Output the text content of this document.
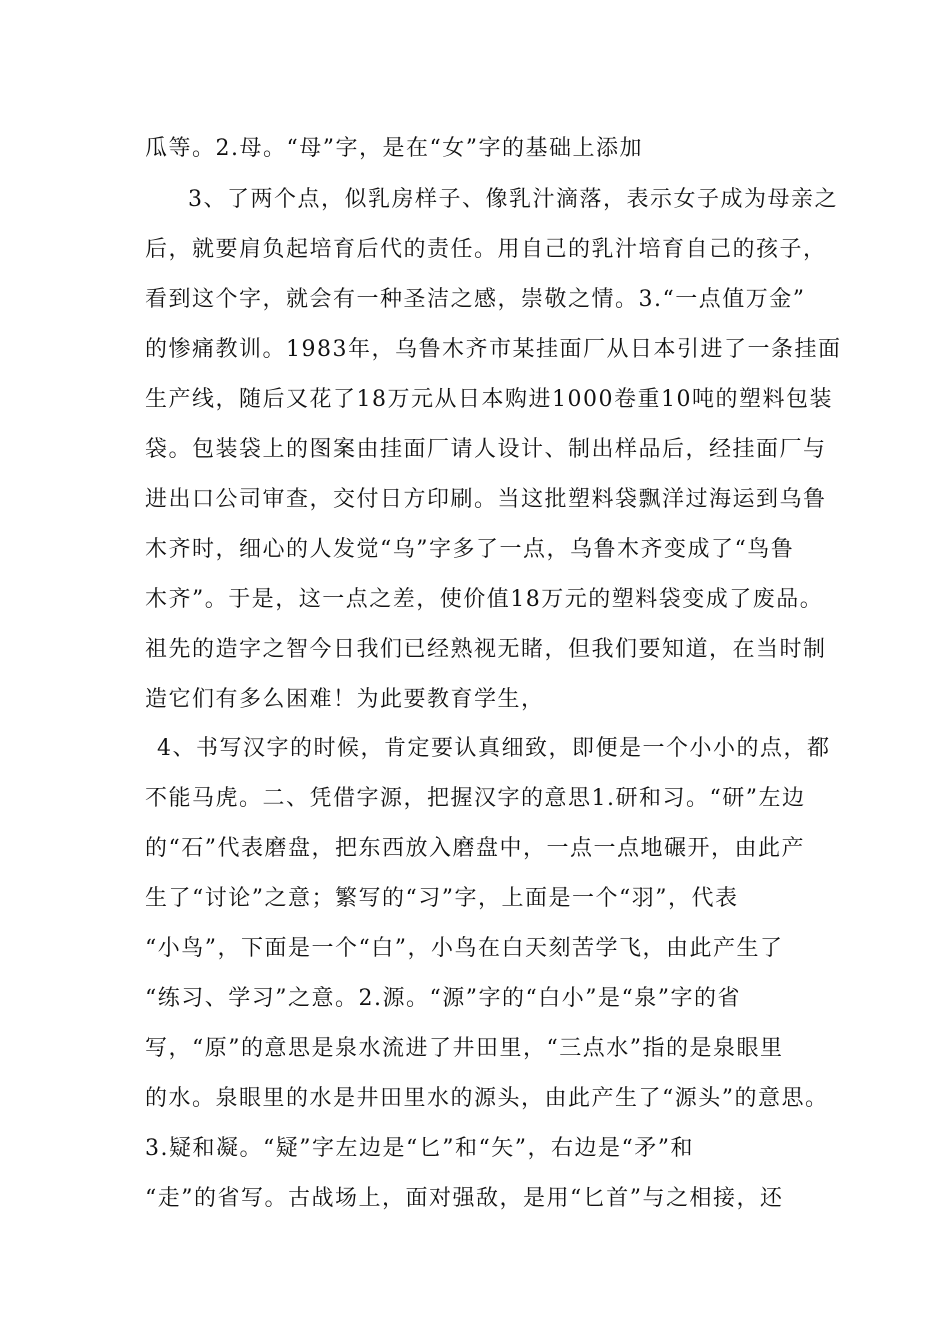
瓜等。2.母。“母”字，是在“女”字的基础上添加
3、了两个点，似乳房样子、像乳汁滴落，表示女子成为母亲之
后，就要肩负起培育后代的责任。用自己的乳汁培育自己的孩子，
看到这个字，就会有一种圣洁之感，崇敬之情。3.“一点值万金”
的惨痛教训。1983年，乌鲁木齐市某挂面厂从日本引进了一条挂面
生产线，随后又花了18万元从日本购进1000卷重10吨的塑料包装
袋。包装袋上的图案由挂面厂请人设计、制出样品后，经挂面厂与
进出口公司审查，交付日方印刷。当这批塑料袋飘洋过海运到乌鲁
木齐时，细心的人发觉“乌”字多了一点，乌鲁木齐变成了“鸟鲁
木齐”。于是，这一点之差，使价值18万元的塑料袋变成了废品。
祖先的造字之智今日我们已经熟视无睹，但我们要知道，在当时制
造它们有多么困难！为此要教育学生，
4、书写汉字的时候，肯定要认真细致，即便是一个小小的点，都
不能马虎。二、凭借字源，把握汉字的意思1.研和习。“研”左边
的“石”代表磨盘，把东西放入磨盘中，一点一点地碾开，由此产
生了“讨论”之意；繁写的“习”字，上面是一个“羽”，代表
“小鸟”，下面是一个“白”，小鸟在白天刻苦学飞，由此产生了
“练习、学习”之意。2.源。“源”字的“白小”是“泉”字的省
写，“原”的意思是泉水流进了井田里，“三点水”指的是泉眼里
的水。泉眼里的水是井田里水的源头，由此产生了“源头”的意思。
3.疑和凝。“疑”字左边是“匕”和“矢”，右边是“矛”和
“走”的省写。古战场上，面对强敌，是用“匕首”与之相接，还
